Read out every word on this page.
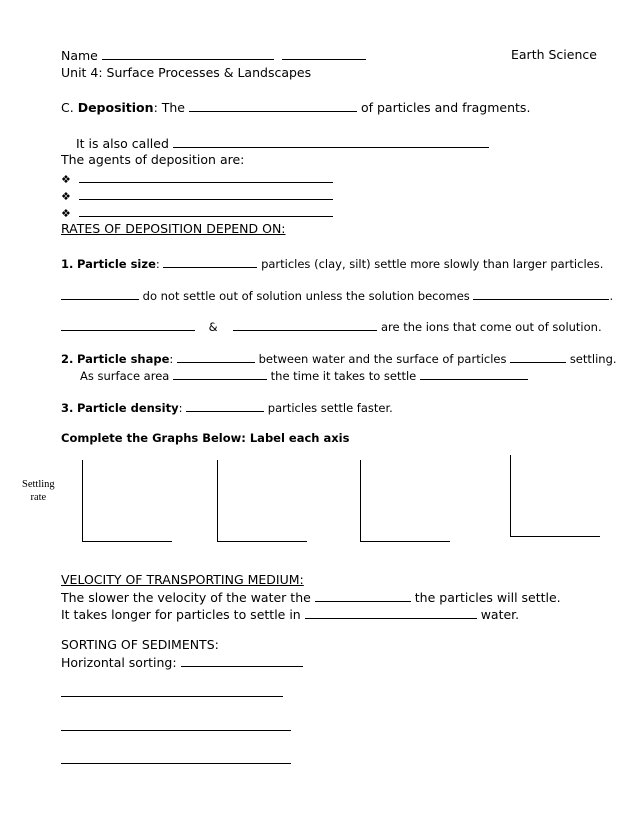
Name	Earth Science
Unit 4: Surface Processes & Landscapes
C. Deposition: The	of particles and fragments.
It is also called
The agents of deposition are:
❖
❖
❖
RATES OF DEPOSITION DEPEND ON:
1. Particle size:	particles (clay, silt) settle more slowly than larger particles.
do not settle out of solution unless the solution becomes	.
&	are the ions that come out of solution.
2. Particle shape:	between water and the surface of particles	settling.
As surface area	the time it takes to settle
3. Particle density:	particles settle faster.
Complete the Graphs Below: Label each axis
Settling
rate
VELOCITY OF TRANSPORTING MEDIUM:
The slower the velocity of the water the	the particles will settle.
It takes longer for particles to settle in	water.
SORTING OF SEDIMENTS:
Horizontal sorting:
